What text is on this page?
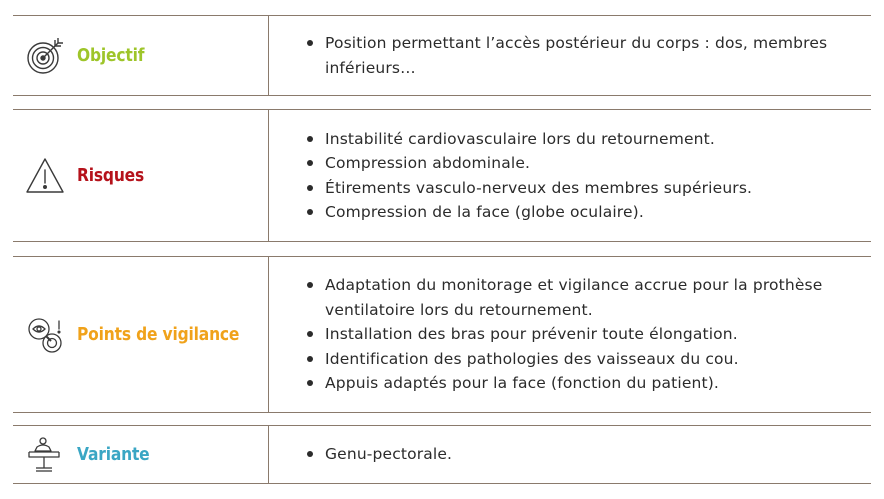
Objectif
Position permettant l’accès postérieur du corps : dos, membres inférieurs…
Risques
Instabilité cardiovasculaire lors du retournement.
Compression abdominale.
Étirements vasculo-nerveux des membres supérieurs.
Compression de la face (globe oculaire).
Points de vigilance
Adaptation du monitorage et vigilance accrue pour la prothèse ventilatoire lors du retournement.
Installation des bras pour prévenir toute élongation.
Identification des pathologies des vaisseaux du cou.
Appuis adaptés pour la face (fonction du patient).
Variante	Genu-pectorale.
